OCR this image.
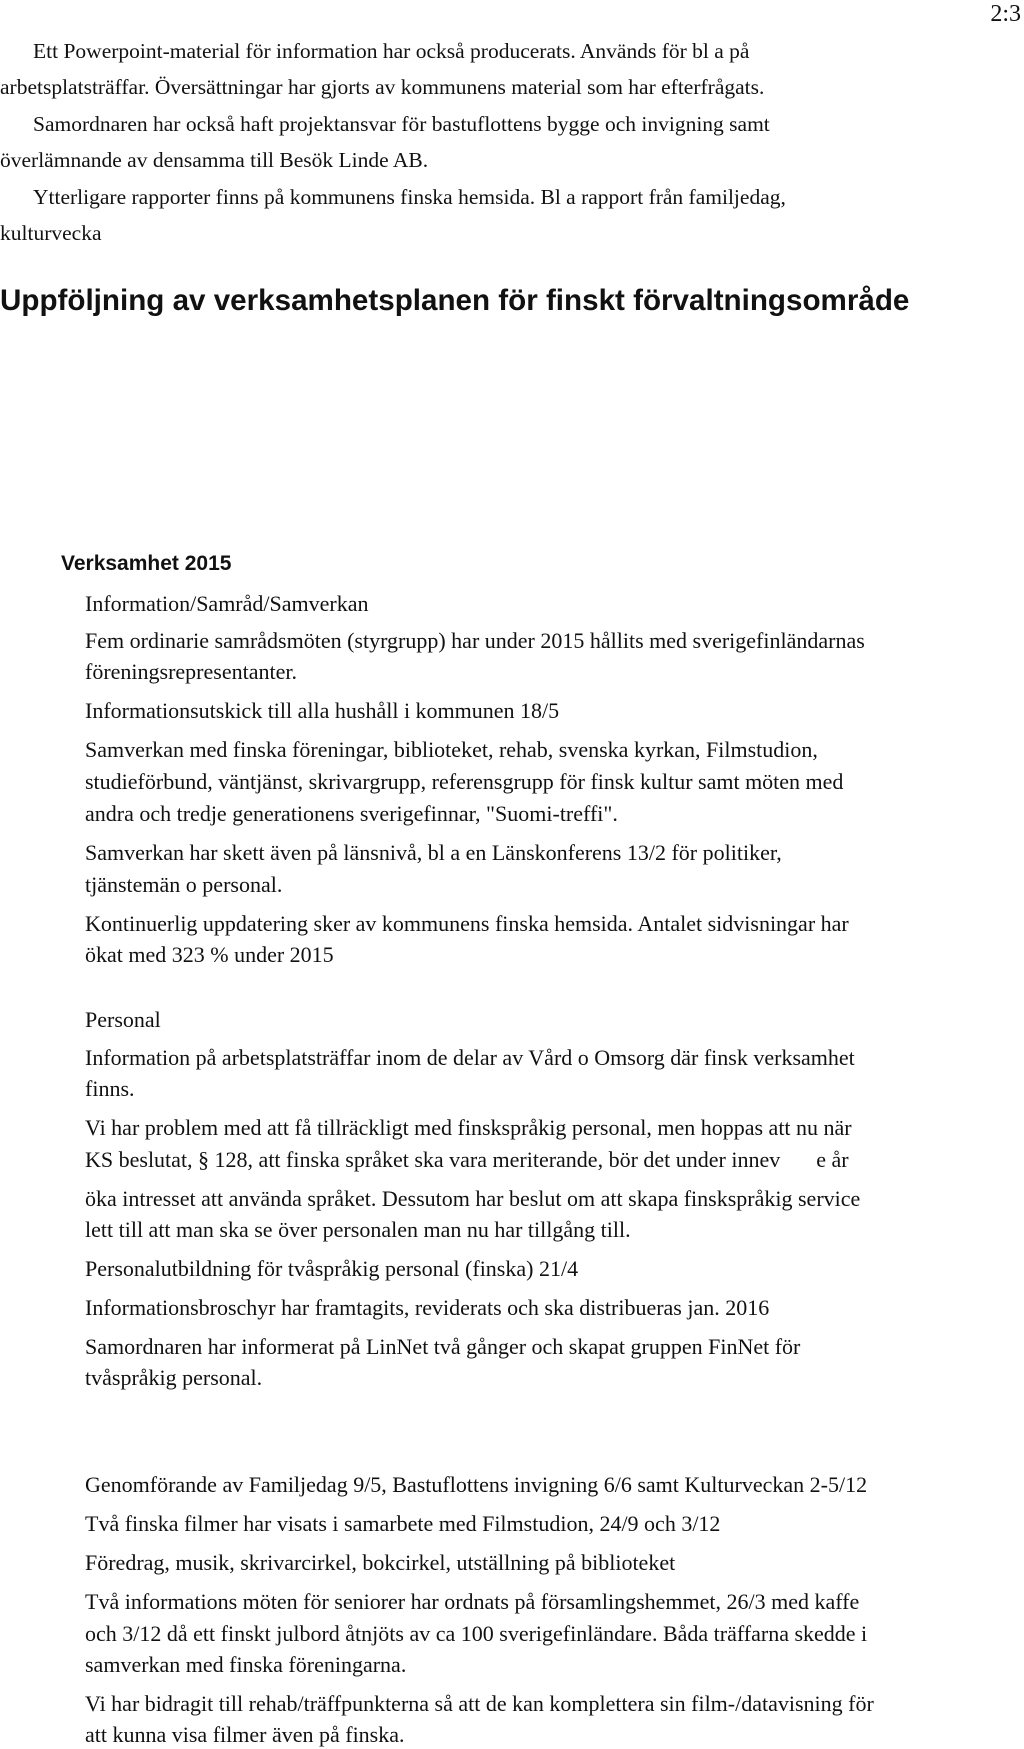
2:3
Ett Powerpoint-material för information har också producerats. Används för bl a på
arbetsplatsträffar. Översättningar har gjorts av kommunens material som har efterfrågats.
Samordnaren har också haft projektansvar för bastuflottens bygge och invigning samt
överlämnande av densamma till Besök Linde AB.
Ytterligare rapporter finns på kommunens finska hemsida. Bl a rapport från familjedag,
kulturvecka
Uppföljning av verksamhetsplanen för finskt förvaltningsområde
Verksamhet 2015
Information/Samråd/Samverkan
Fem ordinarie samrådsmöten (styrgrupp) har under 2015 hållits med sverigefinländarnas
föreningsrepresentanter.
Informationsutskick till alla hushåll i kommunen 18/5
Samverkan med finska föreningar, biblioteket, rehab, svenska kyrkan, Filmstudion,
studieförbund, väntjänst, skrivargrupp, referensgrupp för finsk kultur samt möten med
andra och tredje generationens sverigefinnar, "Suomi-treffi".
Samverkan har skett även på länsnivå, bl a en Länskonferens 13/2 för politiker,
tjänstemän o personal.
Kontinuerlig uppdatering sker av kommunens finska hemsida. Antalet sidvisningar har
ökat med 323 % under 2015
Personal
Information på arbetsplatsträffar inom de delar av Vård o Omsorg där finsk verksamhet
finns.
Vi har problem med att få tillräckligt med finskspråkig personal, men hoppas att nu när
KS beslutat, § 128, att finska språket ska vara meriterande, bör det under innev e år
öka intresset att använda språket. Dessutom har beslut om att skapa finskspråkig service
lett till att man ska se över personalen man nu har tillgång till.
Personalutbildning för tvåspråkig personal (finska) 21/4
Informationsbroschyr har framtagits, reviderats och ska distribueras jan. 2016
Samordnaren har informerat på LinNet två gånger och skapat gruppen FinNet för
tvåspråkig personal.
Genomförande av Familjedag 9/5, Bastuflottens invigning 6/6 samt Kulturveckan 2-5/12
Två finska filmer har visats i samarbete med Filmstudion, 24/9 och 3/12
Föredrag, musik, skrivarcirkel, bokcirkel, utställning på biblioteket
Två informations möten för seniorer har ordnats på församlingshemmet, 26/3 med kaffe
och 3/12 då ett finskt julbord åtnjöts av ca 100 sverigefinländare. Båda träffarna skedde i
samverkan med finska föreningarna.
Vi har bidragit till rehab/träffpunkterna så att de kan komplettera sin film-/datavisning för
att kunna visa filmer även på finska.
